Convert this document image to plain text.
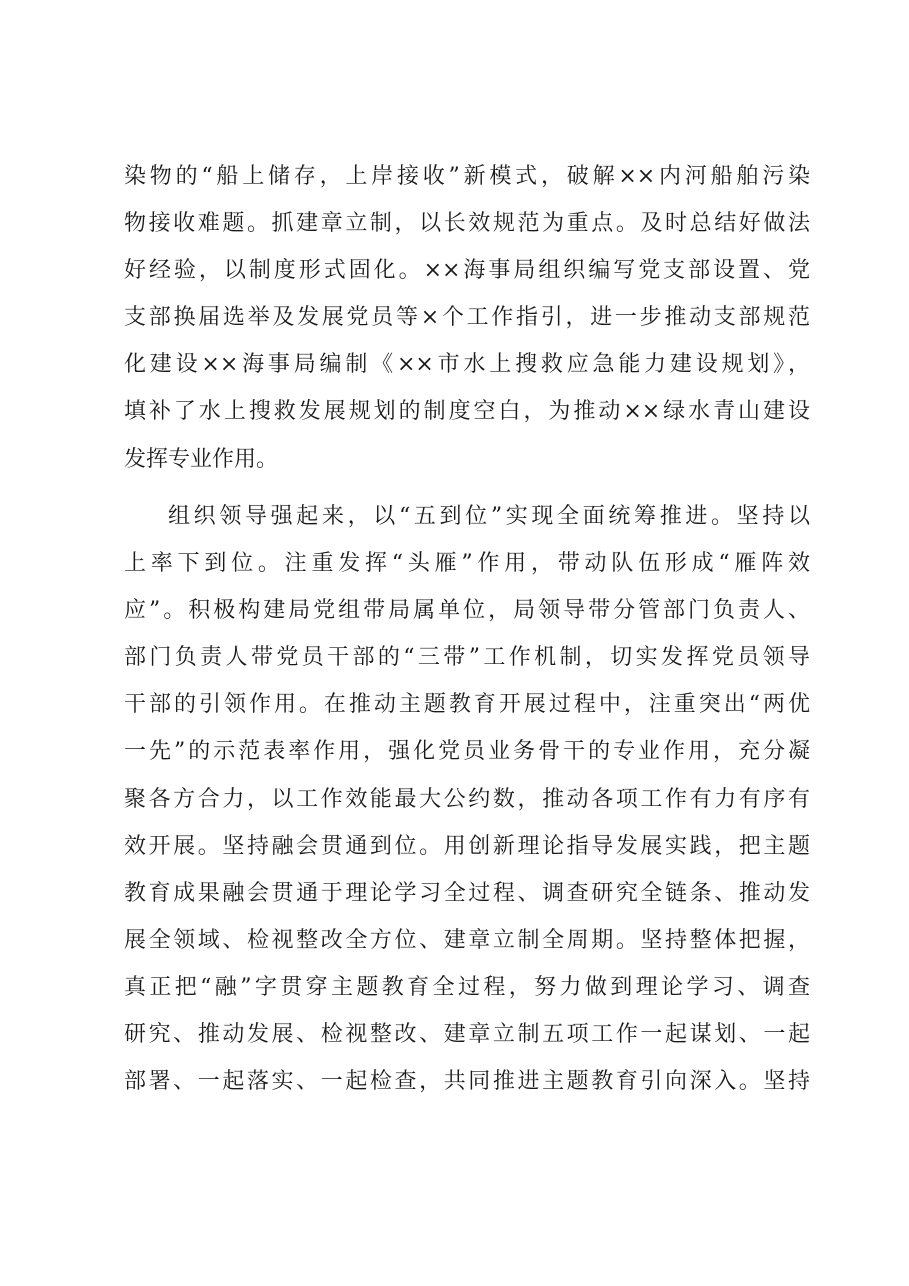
染物的“船上储存，上岸接收”新模式，破解××内河船舶污染
物接收难题。抓建章立制，以长效规范为重点。及时总结好做法
好经验，以制度形式固化。××海事局组织编写党支部设置、党
支部换届选举及发展党员等×个工作指引，进一步推动支部规范
化建设××海事局编制《××市水上搜救应急能力建设规划》，
填补了水上搜救发展规划的制度空白，为推动××绿水青山建设
发挥专业作用。
组织领导强起来，以“五到位”实现全面统筹推进。坚持以
上率下到位。注重发挥“头雁”作用，带动队伍形成“雁阵效
应”。积极构建局党组带局属单位，局领导带分管部门负责人、
部门负责人带党员干部的“三带”工作机制，切实发挥党员领导
干部的引领作用。在推动主题教育开展过程中，注重突出“两优
一先”的示范表率作用，强化党员业务骨干的专业作用，充分凝
聚各方合力，以工作效能最大公约数，推动各项工作有力有序有
效开展。坚持融会贯通到位。用创新理论指导发展实践，把主题
教育成果融会贯通于理论学习全过程、调查研究全链条、推动发
展全领域、检视整改全方位、建章立制全周期。坚持整体把握，
真正把“融”字贯穿主题教育全过程，努力做到理论学习、调查
研究、推动发展、检视整改、建章立制五项工作一起谋划、一起
部署、一起落实、一起检查，共同推进主题教育引向深入。坚持
